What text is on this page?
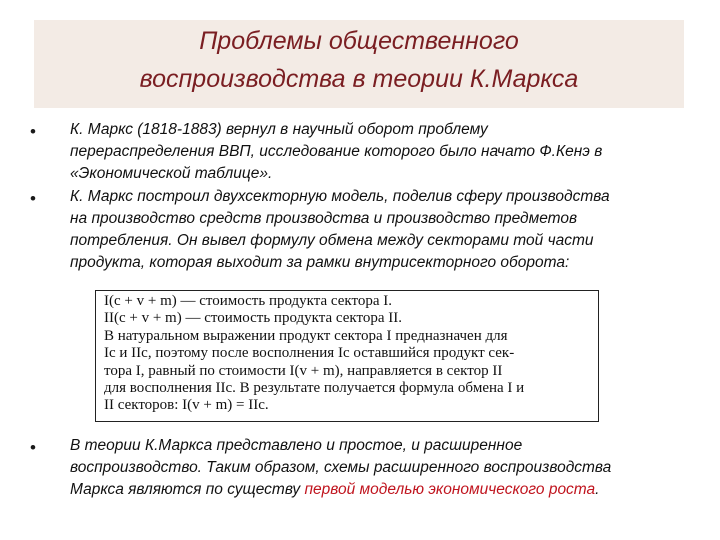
Проблемы общественного
воспроизводства в теории К.Маркса
• К. Маркс (1818-1883) вернул в научный оборот проблему
перераспределения ВВП, исследование которого было начато Ф.Кенэ в
«Экономической таблице».
• К. Маркс построил двухсекторную модель, поделив сферу производства
на производство средств производства и производство предметов
потребления. Он вывел формулу обмена между секторами той части
продукта, которая выходит за рамки внутрисекторного оборота:
I(c + v + m) — стоимость продукта сектора I.
II(c + v + m) — стоимость продукта сектора II.
В натуральном выражении продукт сектора I предназначен для
Ic и IIc, поэтому после восполнения Ic оставшийся продукт сек-
тора I, равный по стоимости I(v + m), направляется в сектор II
для восполнения IIc. В результате получается формула обмена I и
II секторов: I(v + m) = IIc.
• В теории К.Маркса представлено и простое, и расширенное
воспроизводство. Таким образом, схемы расширенного воспроизводства
Маркса являются по существу первой моделью экономического роста.
